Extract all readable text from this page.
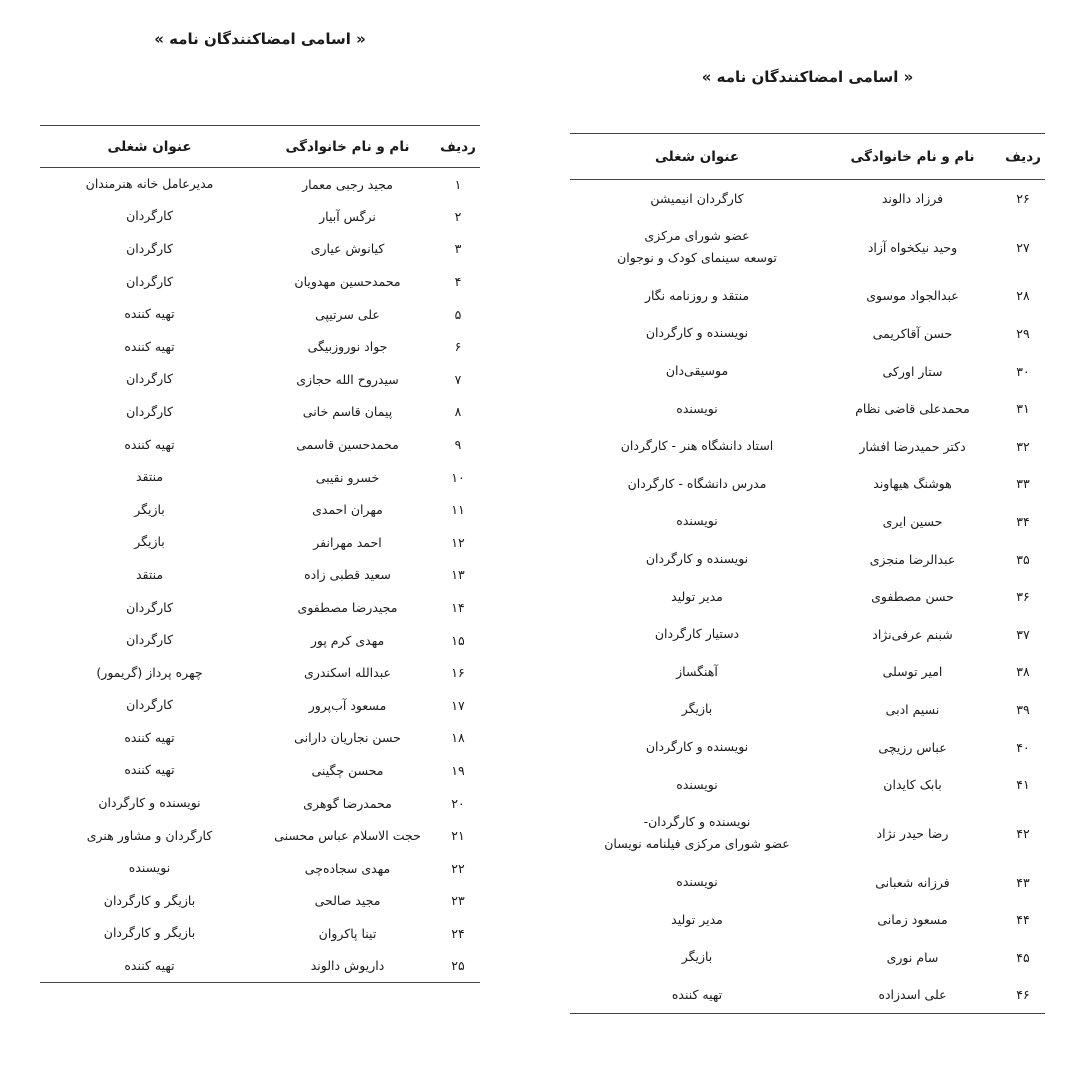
« اسامی امضاکنندگان نامه »
ردیف	نام و نام خانوادگی	عنوان شغلی
۱	مجید رجبی معمار	مدیرعامل خانه هنرمندان

۲	نرگس آبیار	کارگردان

۳	کیانوش عیاری	کارگردان

۴	محمدحسین مهدویان	کارگردان

۵	علی سرتیپی	تهیه کننده

۶	جواد نوروزبیگی	تهیه کننده

۷	سیدروح الله حجازی	کارگردان

۸	پیمان قاسم خانی	کارگردان

۹	محمدحسین قاسمی	تهیه کننده

۱۰	خسرو نقیبی	منتقد

۱۱	مهران احمدی	بازیگر

۱۲	احمد مهرانفر	بازیگر

۱۳	سعید قطبی زاده	منتقد

۱۴	مجیدرضا مصطفوی	کارگردان

۱۵	مهدی کرم پور	کارگردان

۱۶	عبدالله اسکندری	چهره پرداز (گریمور)

۱۷	مسعود آب‌پرور	کارگردان

۱۸	حسن نجاریان دارانی	تهیه کننده

۱۹	محسن چگینی	تهیه کننده

۲۰	محمدرضا گوهری	نویسنده و کارگردان

۲۱	حجت الاسلام عباس محسنی	کارگردان و مشاور هنری

۲۲	مهدی سجاده‌چی	نویسنده

۲۳	مجید صالحی	بازیگر و کارگردان

۲۴	تینا پاکروان	بازیگر و کارگردان

۲۵	داریوش دالوند	تهیه کننده
« اسامی امضاکنندگان نامه »
ردیف	نام و نام خانوادگی	عنوان شغلی
۲۶	فرزاد دالوند	کارگردان انیمیشن

۲۷	وحید نیکخواه آزاد	عضو شورای مرکزی
توسعه سینمای کودک و نوجوان

۲۸	عبدالجواد موسوی	منتقد و روزنامه نگار

۲۹	حسن آقاکریمی	نویسنده و کارگردان

۳۰	ستار اورکی	موسیقی‌دان

۳۱	محمدعلی قاضی نظام	نویسنده

۳۲	دکتر حمیدرضا افشار	استاد دانشگاه هنر - کارگردان

۳۳	هوشنگ هیهاوند	مدرس دانشگاه - کارگردان

۳۴	حسین ایری	نویسنده

۳۵	عبدالرضا منجزی	نویسنده و کارگردان

۳۶	حسن مصطفوی	مدیر تولید

۳۷	شبنم عرفی‌نژاد	دستیار کارگردان

۳۸	امیر توسلی	آهنگساز

۳۹	نسیم ادبی	بازیگر

۴۰	عباس رزیچی	نویسنده و کارگردان

۴۱	بابک کایدان	نویسنده

۴۲	رضا حیدر نژاد	نویسنده و کارگردان-
عضو شورای مرکزی فیلنامه نویسان

۴۳	فرزانه شعبانی	نویسنده

۴۴	مسعود زمانی	مدیر تولید

۴۵	سام نوری	بازیگر

۴۶	علی اسدزاده	تهیه کننده
